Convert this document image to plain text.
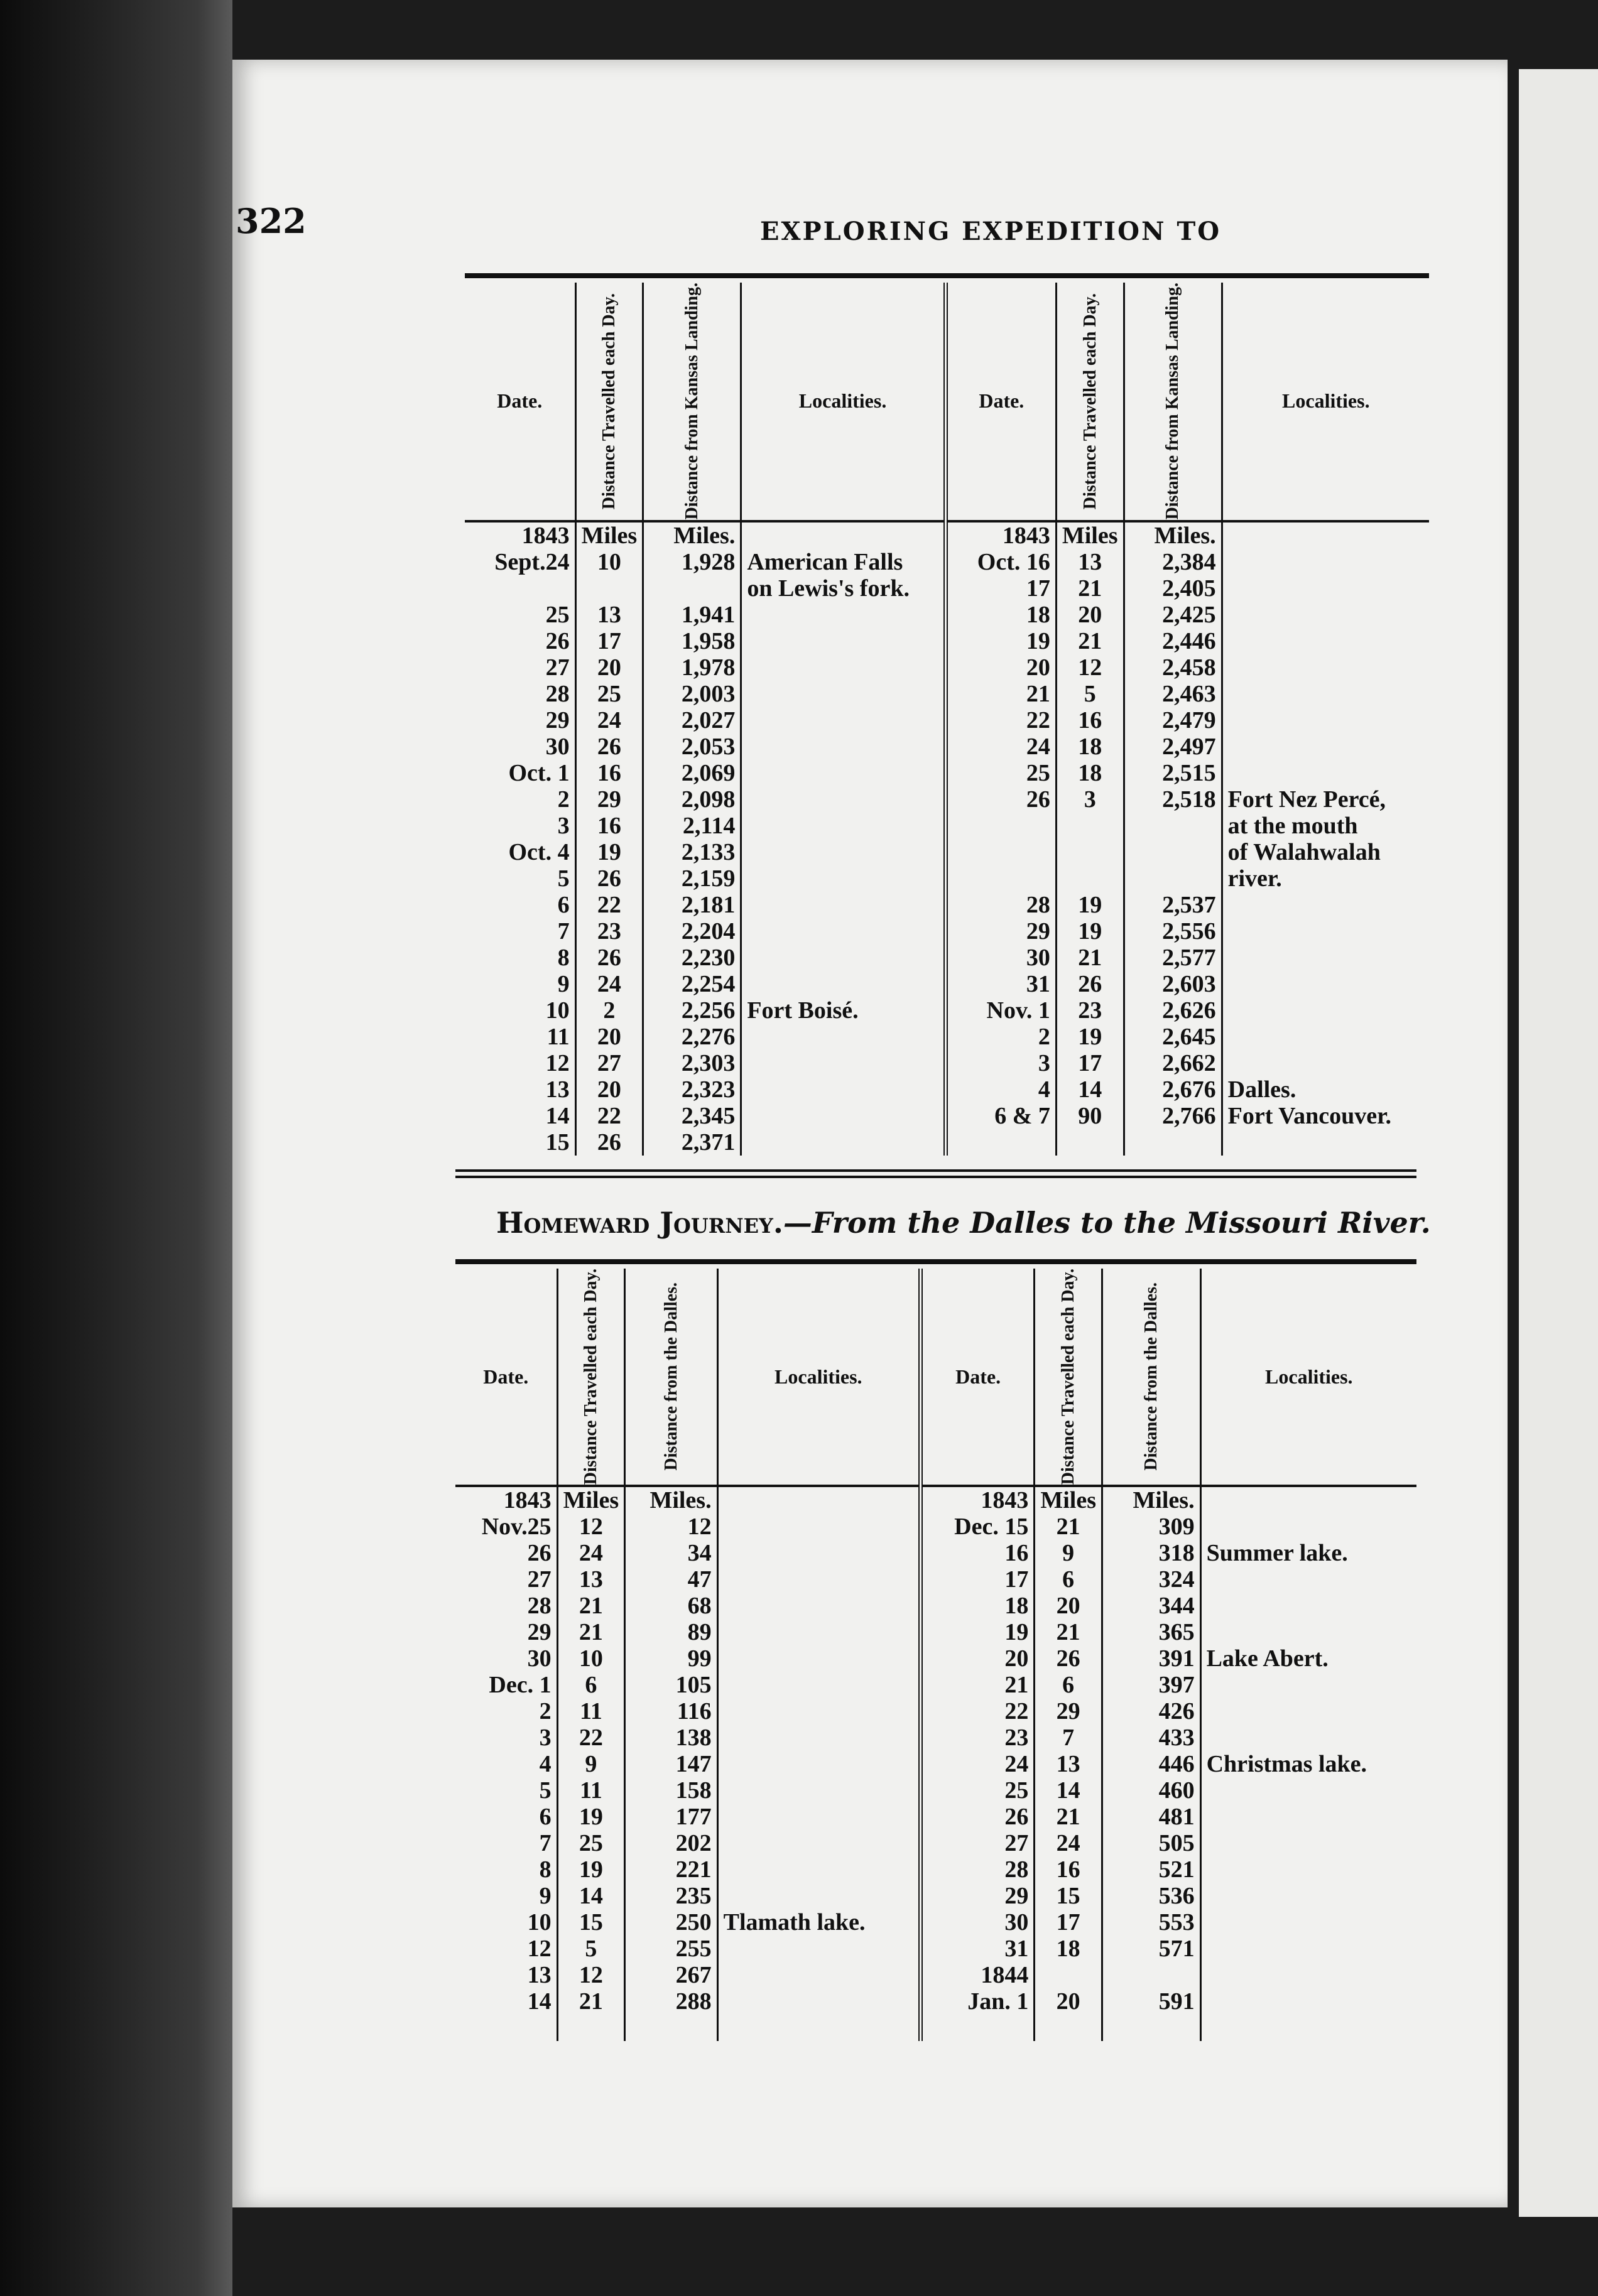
322	EXPLORING EXPEDITION TO
Date.	Distance Travelled each Day.	Distance from Kansas Landing.	Localities.	Date.	Distance Travelled each Day.	Distance from Kansas Landing.	Localities.
1843	Miles	Miles.		1843	Miles	Miles.	
Sept.24	10	1,928	American Falls	Oct. 16	13	2,384	
			on Lewis's fork.	17	21	2,405	
25	13	1,941		18	20	2,425	
26	17	1,958		19	21	2,446	
27	20	1,978		20	12	2,458	
28	25	2,003		21	5	2,463	
29	24	2,027		22	16	2,479	
30	26	2,053		24	18	2,497	
Oct. 1	16	2,069		25	18	2,515	
2	29	2,098		26	3	2,518	Fort Nez Percé,
3	16	2,114					at the mouth
Oct. 4	19	2,133					of Walahwalah
5	26	2,159					river.
6	22	2,181		28	19	2,537	
7	23	2,204		29	19	2,556	
8	26	2,230		30	21	2,577	
9	24	2,254		31	26	2,603	
10	2	2,256	Fort Boisé.	Nov. 1	23	2,626	
11	20	2,276		2	19	2,645	
12	27	2,303		3	17	2,662	
13	20	2,323		4	14	2,676	Dalles.
14	22	2,345		6 & 7	90	2,766	Fort Vancouver.
15	26	2,371					
Homeward Journey.—From the Dalles to the Missouri River.
Date.	Distance Travelled each Day.	Distance from the Dalles.	Localities.	Date.	Distance Travelled each Day.	Distance from the Dalles.	Localities.
1843	Miles	Miles.		1843	Miles	Miles.	
Nov.25	12	12		Dec. 15	21	309	
26	24	34		16	9	318	Summer lake.
27	13	47		17	6	324	
28	21	68		18	20	344	
29	21	89		19	21	365	
30	10	99		20	26	391	Lake Abert.
Dec. 1	6	105		21	6	397	
2	11	116		22	29	426	
3	22	138		23	7	433	
4	9	147		24	13	446	Christmas lake.
5	11	158		25	14	460	
6	19	177		26	21	481	
7	25	202		27	24	505	
8	19	221		28	16	521	
9	14	235		29	15	536	
10	15	250	Tlamath lake.	30	17	553	
12	5	255		31	18	571	
13	12	267		1844			
14	21	288		Jan. 1	20	591	
